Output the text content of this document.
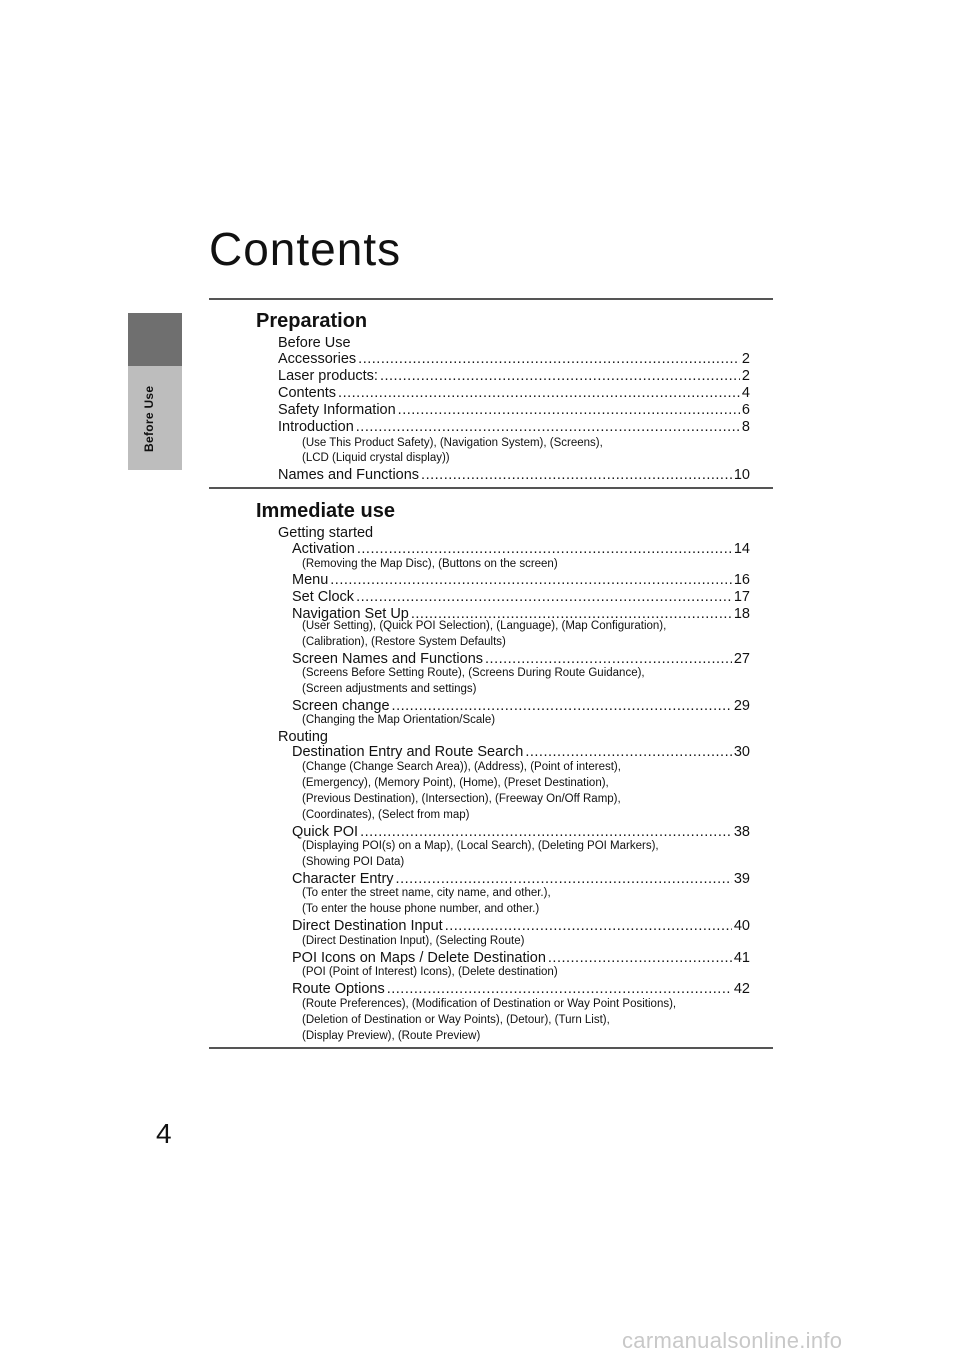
Before Use
Contents
Preparation
Before Use
Accessories .....	2
Laser products: .....	2
Contents .....	4
Safety Information .....	6
Introduction .....	8
(Use This Product Safety), (Navigation System), (Screens),
(LCD (Liquid crystal display))
Names and Functions .....	10
Immediate use
Getting started
Activation .....	14
(Removing the Map Disc), (Buttons on the screen)
Menu .....	16
Set Clock .....	17
Navigation Set Up .....	18
(User Setting), (Quick POI Selection), (Language), (Map Configuration),
(Calibration), (Restore System Defaults)
Screen Names and Functions .....	27
(Screens Before Setting Route), (Screens During Route Guidance),
(Screen adjustments and settings)
Screen change .....	29
(Changing the Map Orientation/Scale)
Routing
Destination Entry and Route Search .....	30
(Change (Change Search Area)), (Address), (Point of interest),
(Emergency), (Memory Point), (Home), (Preset Destination),
(Previous Destination), (Intersection), (Freeway On/Off Ramp),
(Coordinates), (Select from map)
Quick POI .....	38
(Displaying POI(s) on a Map), (Local Search), (Deleting POI Markers),
(Showing POI Data)
Character Entry .....	39
(To enter the street name, city name, and other.),
(To enter the house phone number, and other.)
Direct Destination Input .....	40
(Direct Destination Input), (Selecting Route)
POI Icons on Maps / Delete Destination .....	41
(POI (Point of Interest) Icons), (Delete destination)
Route Options .....	42
(Route Preferences), (Modification of Destination or Way Point Positions),
(Deletion of Destination or Way Points), (Detour), (Turn List),
(Display Preview), (Route Preview)
4
carmanualsonline.info
